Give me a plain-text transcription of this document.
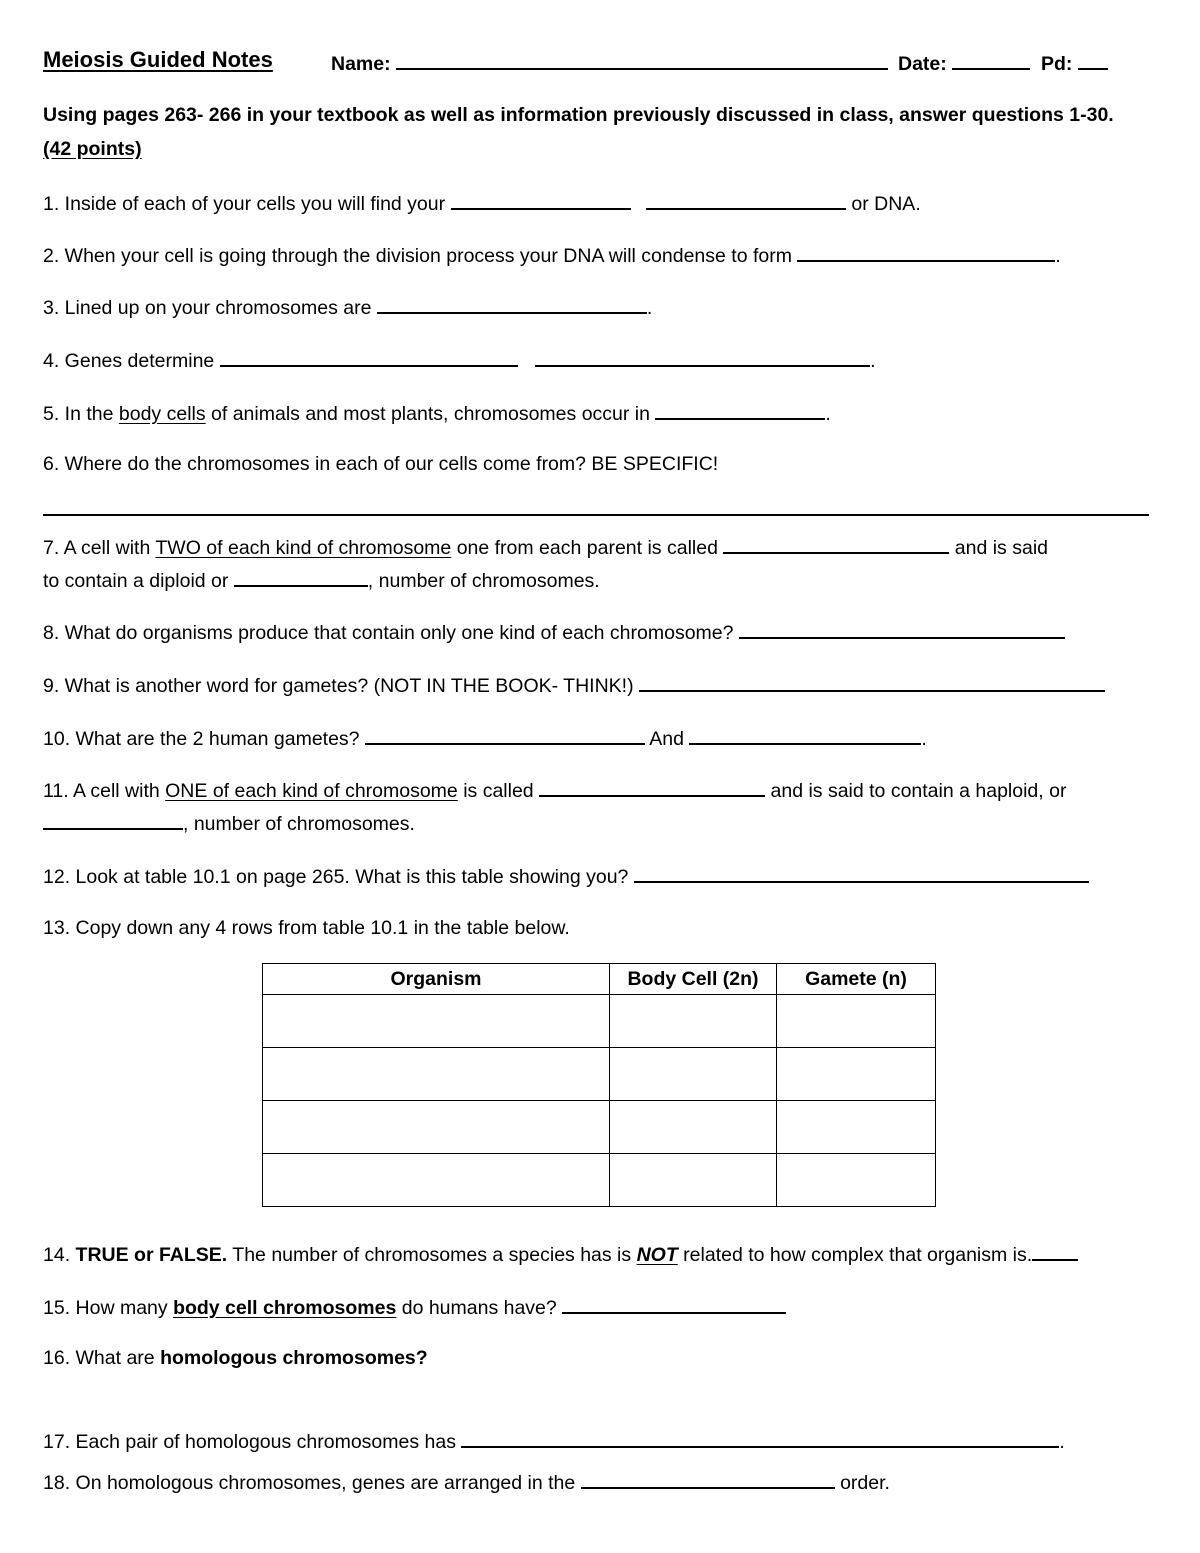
Meiosis Guided Notes	Name:	Date:	Pd:
Using pages 263- 266 in your textbook as well as information previously discussed in class, answer questions 1-30.
(42 points)
1. Inside of each of your cells you will find your	or DNA.
2. When your cell is going through the division process your DNA will condense to form	.
3. Lined up on your chromosomes are	.
4. Genes determine	.
5. In the body cells of animals and most plants, chromosomes occur in	.
6. Where do the chromosomes in each of our cells come from? BE SPECIFIC!
7. A cell with TWO of each kind of chromosome one from each parent is called	and is said
to contain a diploid or	, number of chromosomes.
8. What do organisms produce that contain only one kind of each chromosome?
9. What is another word for gametes? (NOT IN THE BOOK- THINK!)
10. What are the 2 human gametes?	And	.
11. A cell with ONE of each kind of chromosome is called	and is said to contain a haploid, or
, number of chromosomes.
12. Look at table 10.1 on page 265. What is this table showing you?
13. Copy down any 4 rows from table 10.1 in the table below.
Organism	Body Cell (2n)	Gamete (n)

14. TRUE or FALSE. The number of chromosomes a species has is NOT related to how complex that organism is.
15. How many body cell chromosomes do humans have?
16. What are homologous chromosomes?
17. Each pair of homologous chromosomes has	.
18. On homologous chromosomes, genes are arranged in the	order.
